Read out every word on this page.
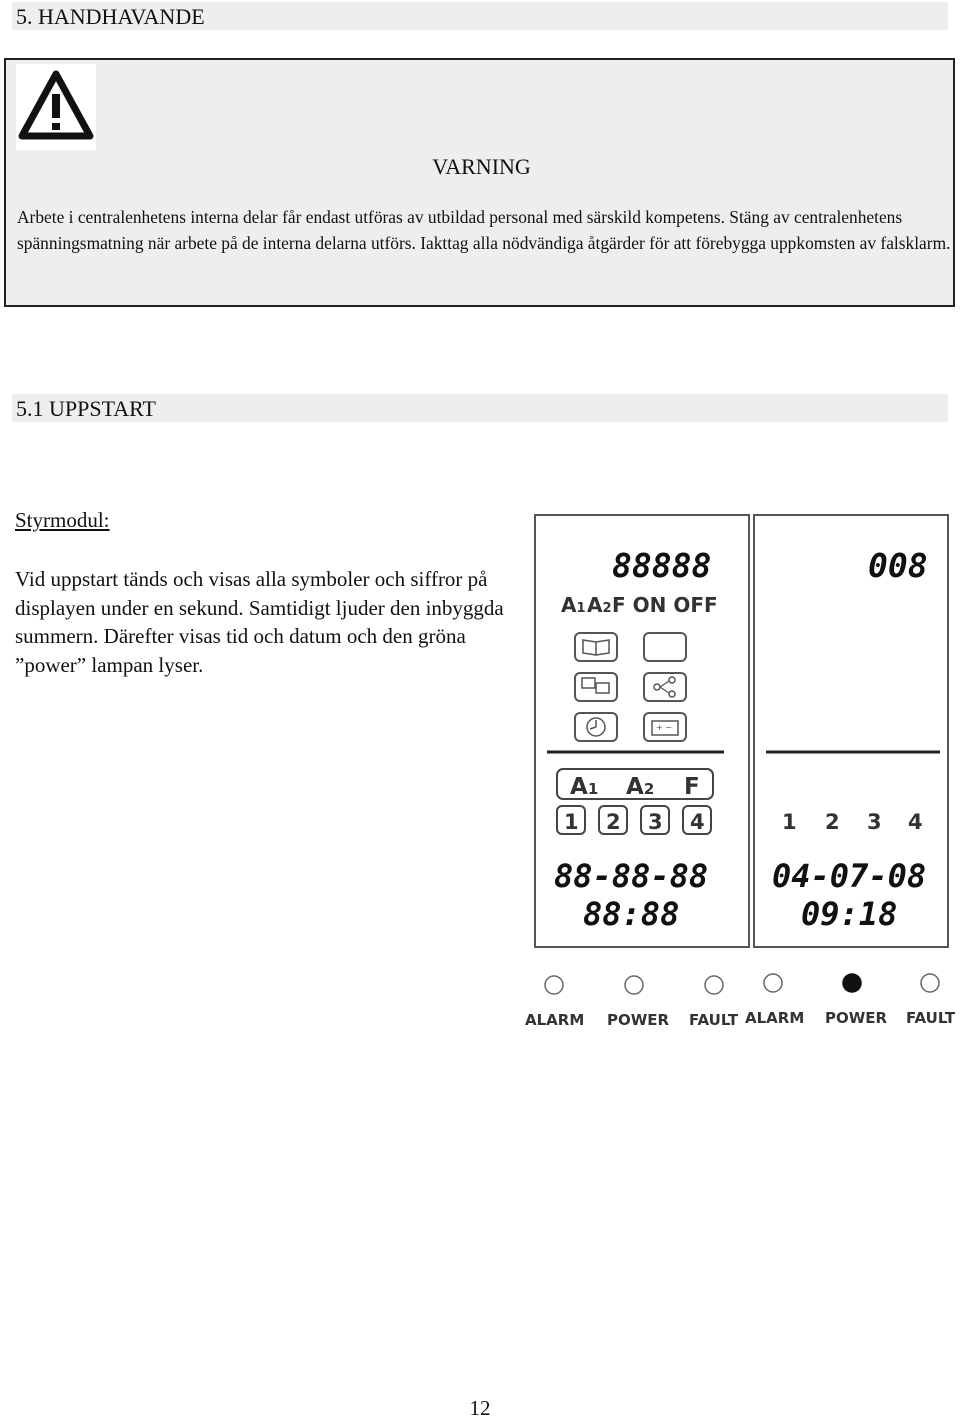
5. HANDHAVANDE
VARNING
Arbete i centralenhetens interna delar får endast utföras av utbildad personal med särskild kompetens. Stäng av centralenhetens spänningsmatning när arbete på de interna delarna utförs. Iakttag alla nödvändiga åtgärder för att förebygga uppkomsten av falsklarm.
5.1 UPPSTART
Styrmodul:
Vid uppstart tänds och visas alla symboler och siffror på displayen under en sekund. Samtidigt ljuder den inbyggda summern. Därefter visas tid och datum och den gröna ”power” lampan lyser.
88888
A1 A2 F ON OFF
+ −
A1 A2 F
1 2 3 4
88-88-88
88:88
008
1 2 3 4
04-07-08
09:18
ALARM POWER FAULT ALARM POWER FAULT
12
